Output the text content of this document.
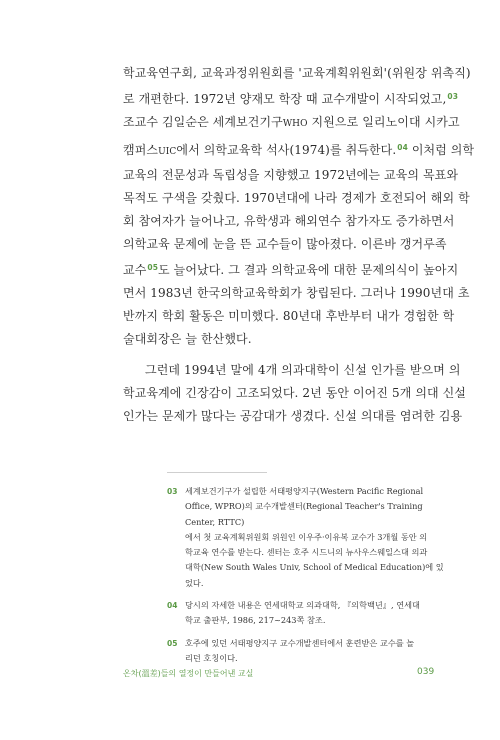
학교육연구회, 교육과정위원회를 '교육계획위원회'(위원장 위촉직)
로 개편한다. 1972년 양재모 학장 때 교수개발이 시작되었고,$^{03}$
조교수 김일순은 세계보건기구WHO 지원으로 일리노이대 시카고
캠퍼스UIC에서 의학교육학 석사(1974)를 취득한다.$^{04}$ 이처럼 의학
교육의 전문성과 독립성을 지향했고 1972년에는 교육의 목표와
목적도 구색을 갖췄다. 1970년대에 나라 경제가 호전되어 해외 학
회 참여자가 늘어나고, 유학생과 해외연수 참가자도 증가하면서
의학교육 문제에 눈을 뜬 교수들이 많아졌다. 이른바 갱거루족
교수$^{05}$도 늘어났다. 그 결과 의학교육에 대한 문제의식이 높아지
면서 1983년 한국의학교육학회가 창립된다. 그러나 1990년대 초
반까지 학회 활동은 미미했다. 80년대 후반부터 내가 경험한 학
술대회장은 늘 한산했다.
그런데 1994년 말에 4개 의과대학이 신설 인가를 받으며 의
학교육계에 긴장감이 고조되었다. 2년 동안 이어진 5개 의대 신설
인가는 문제가 많다는 공감대가 생겼다. 신설 의대를 염려한 김용
03 세계보건기구가 설립한 서태평양지구(Western Pacific Regional
Office, WPRO)의 교수개발센터(Regional Teacher's Training Center, RTTC)
에서 첫 교육계획위원회 위원인 이우주·이유복 교수가 3개월 동안 의
학교육 연수를 받는다. 센터는 호주 시드니의 뉴사우스웨일스대 의과
대학(New South Wales Univ, School of Medical Education)에 있었다.
04 당시의 자세한 내용은 연세대학교 의과대학, 『의학백년』, 연세대
학교 출판부, 1986, 217~243쪽 참조.
05 호주에 있던 서태평양지구 교수개발센터에서 훈련받은 교수를 놀
리던 호칭이다.
온차(溫差)들의 열정이 만들어낸 교실	039
